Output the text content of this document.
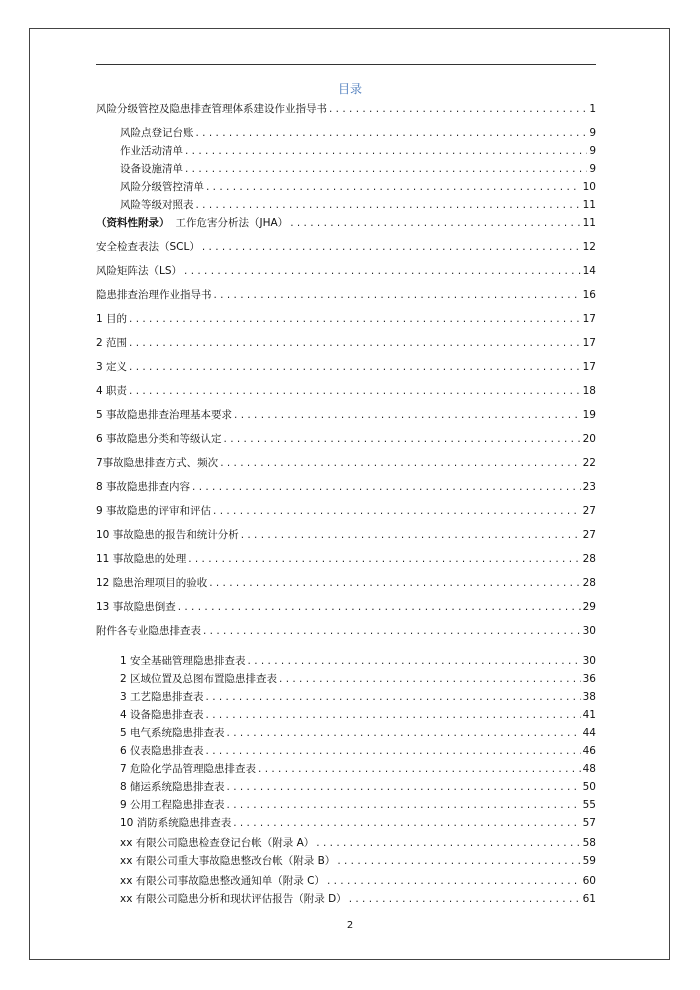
目录
风险分级管控及隐患排查管理体系建设作业指导书 . . .	1
风险点登记台账 . . .	9
作业活动清单 . . .	9
设备设施清单 . . .	9
风险分级管控清单 . . .	10
风险等级对照表 . . .	11
（资料性附录） 工作危害分析法（JHA） . . .	11
安全检查表法（SCL） . . .	12
风险矩阵法（LS） . . .	14
隐患排查治理作业指导书 . . .	16
1 目的 . . .	17
2 范围 . . .	17
3 定义 . . .	17
4 职责 . . .	18
5 事故隐患排查治理基本要求 . . .	19
6 事故隐患分类和等级认定 . . .	20
7事故隐患排查方式、频次 . . .	22
8 事故隐患排查内容 . . .	23
9 事故隐患的评审和评估 . . .	27
10 事故隐患的报告和统计分析 . . .	27
11 事故隐患的处理 . . .	28
12 隐患治理项目的验收 . . .	28
13 事故隐患倒查 . . .	29
附件各专业隐患排查表 . . .	30
1 安全基础管理隐患排查表 . . .	30
2 区域位置及总图布置隐患排查表 . . .	36
3 工艺隐患排查表 . . .	38
4 设备隐患排查表 . . .	41
5 电气系统隐患排查表 . . .	44
6 仪表隐患排查表 . . .	46
7 危险化学品管理隐患排查表 . . .	48
8 储运系统隐患排查表 . . .	50
9 公用工程隐患排查表 . . .	55
10 消防系统隐患排查表 . . .	57
xx 有限公司隐患检查登记台帐（附录 A） . . .	58
xx 有限公司重大事故隐患整改台帐（附录 B） . . .	59
xx 有限公司事故隐患整改通知单（附录 C） . . .	60
xx 有限公司隐患分析和现状评估报告（附录 D） . . .	61
2
